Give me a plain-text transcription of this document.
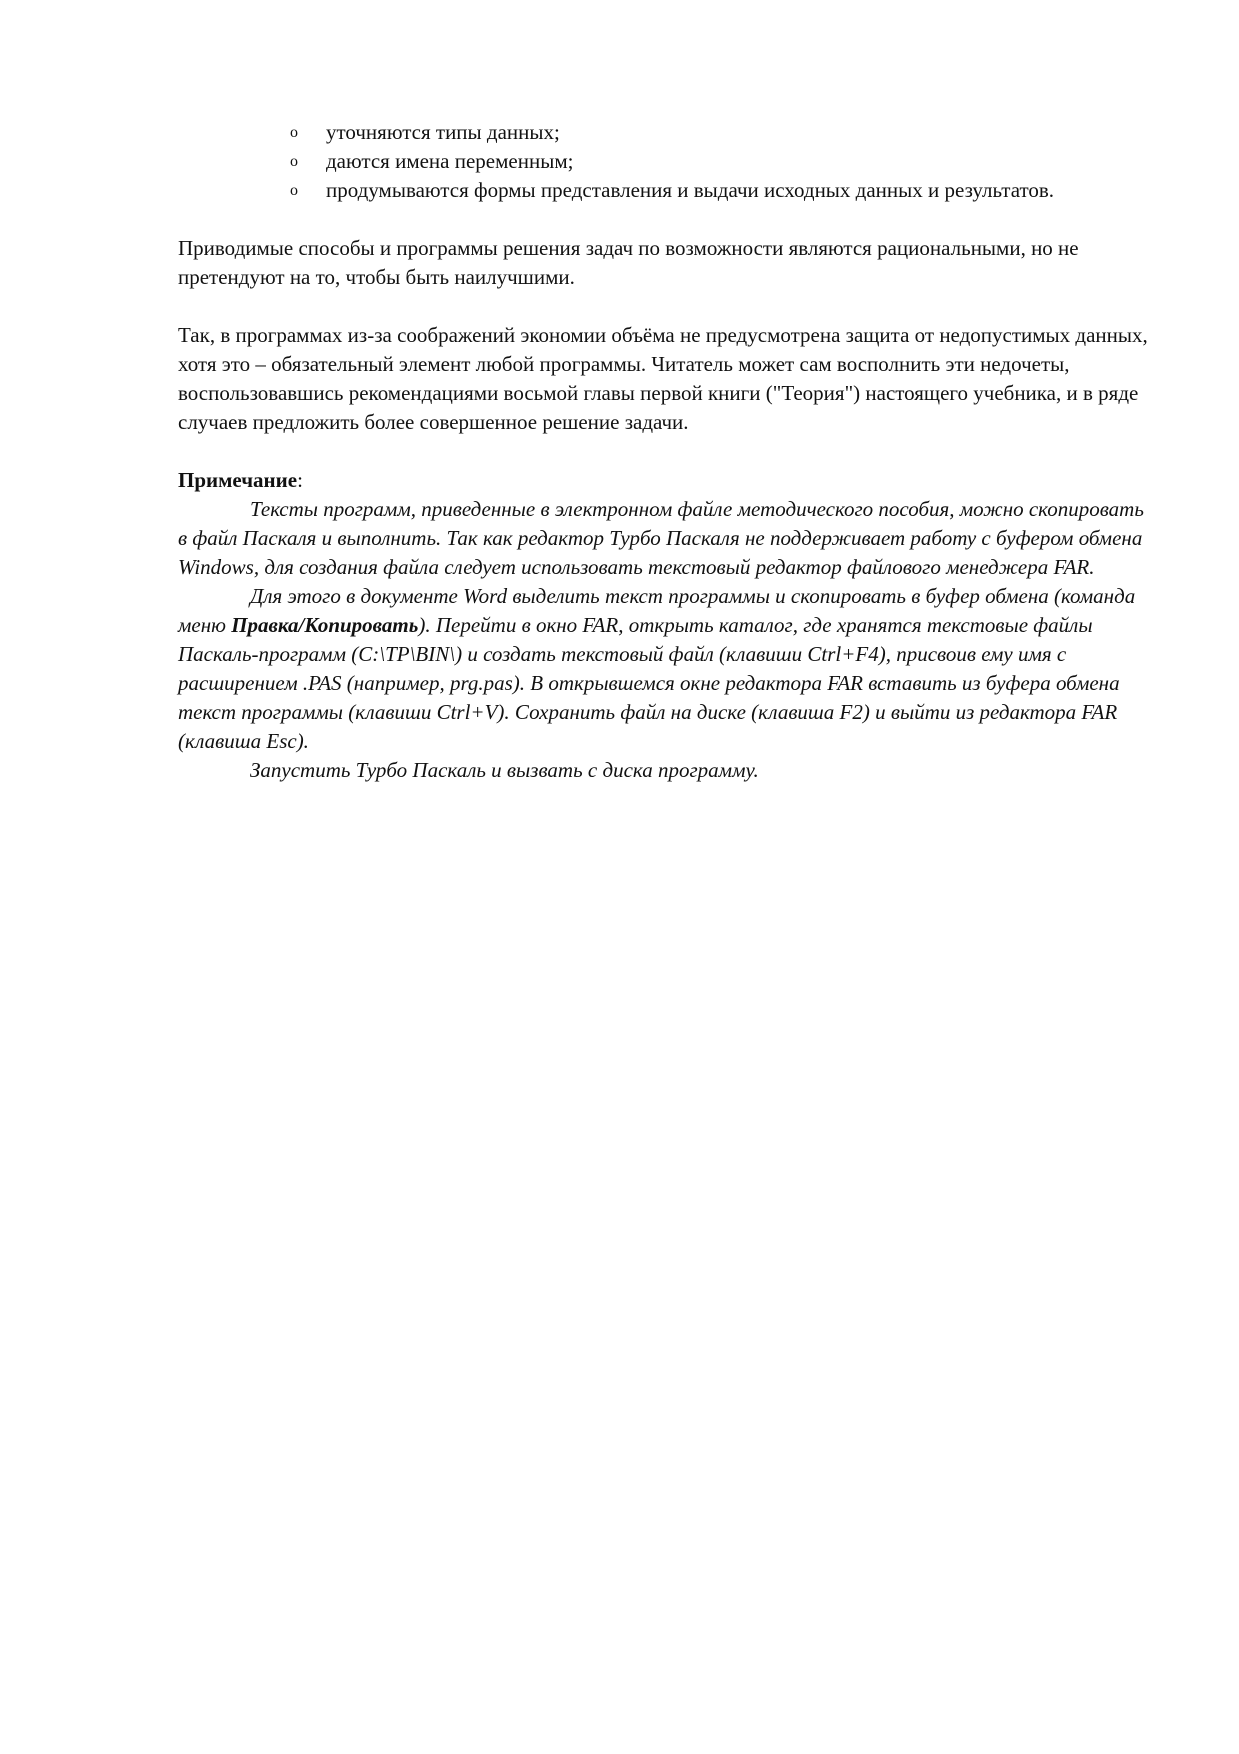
o уточняются типы данных;
o даются имена переменным;
o продумываются формы представления и выдачи исходных данных и результатов.

Приводимые способы и программы решения задач по возможности являются рациональными, но не претендуют на то, чтобы быть наилучшими.

Так, в программах из-за соображений экономии объёма не предусмотрена защита от недопустимых данных, хотя это – обязательный элемент любой программы. Читатель может сам восполнить эти недочеты, воспользовавшись рекомендациями восьмой главы первой книги ("Теория") настоящего учебника, и в ряде случаев предложить более совершенное решение задачи.

Примечание:

Тексты программ, приведенные в электронном файле методического пособия, можно скопировать в файл Паскаля и выполнить. Так как редактор Турбо Паскаля не поддерживает работу с буфером обмена Windows, для создания файла следует использовать текстовый редактор файлового менеджера FAR.

Для этого в документе Word выделить текст программы и скопировать в буфер обмена (команда меню Правка/Копировать). Перейти в окно FAR, открыть каталог, где хранятся текстовые файлы Паскаль-программ (C:\TP\BIN\) и создать текстовый файл (клавиши Ctrl+F4), присвоив ему имя с расширением .PAS (например, prg.pas). В открывшемся окне редактора FAR вставить из буфера обмена текст программы (клавиши Ctrl+V). Сохранить файл на диске (клавиша F2) и выйти из редактора FAR (клавиша Esc).

Запустить Турбо Паскаль и вызвать с диска программу.
